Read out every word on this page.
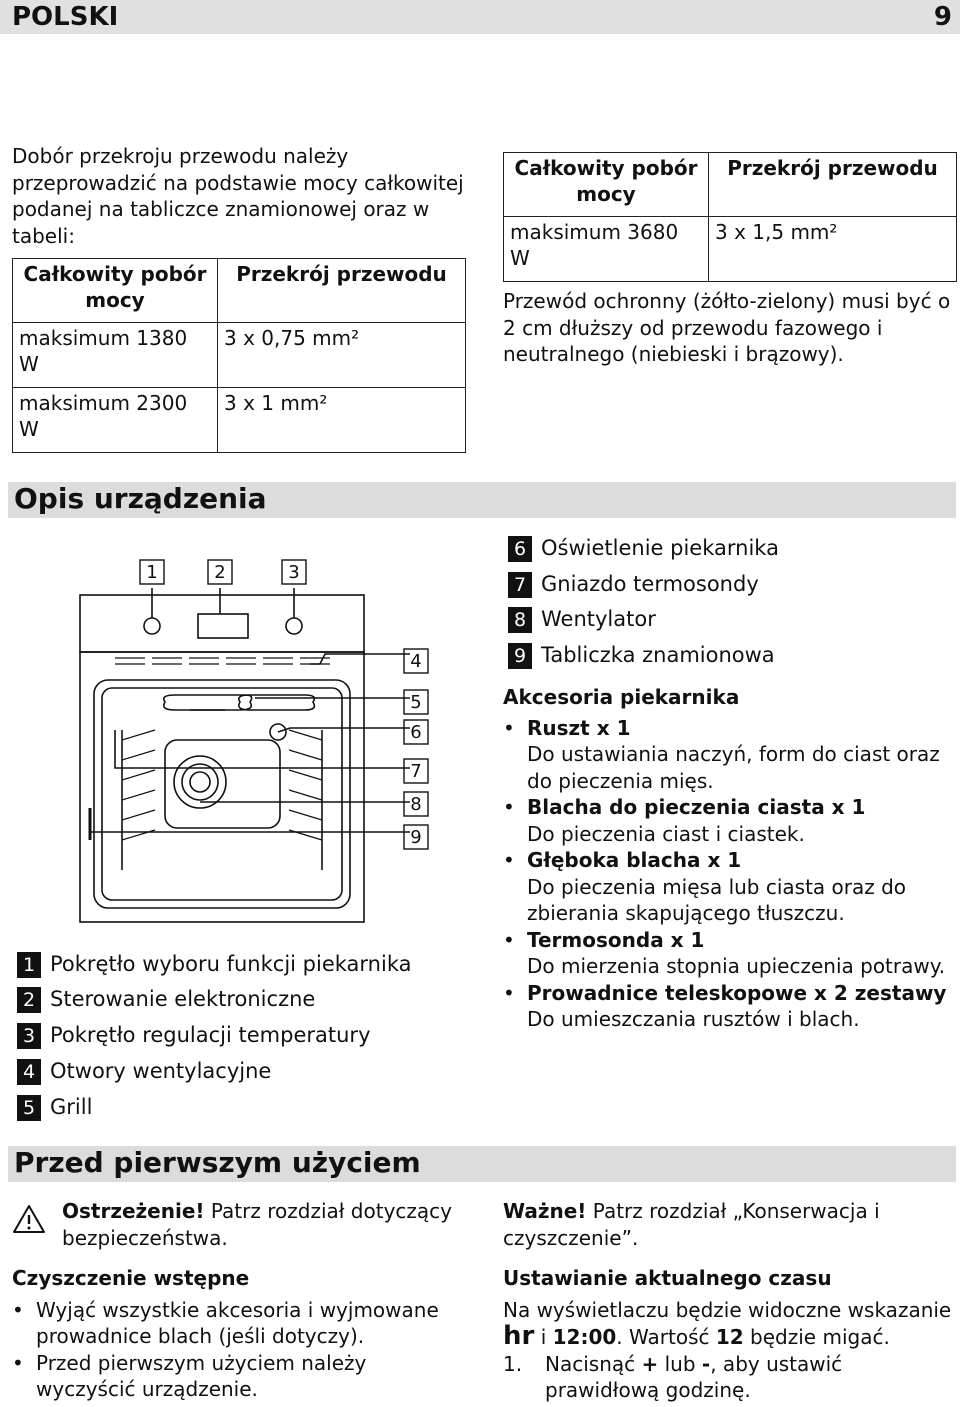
POLSKI	9
Dobór przekroju przewodu należy przeprowadzić na podstawie mocy całkowitej podanej na tabliczce znamionowej oraz w tabeli:
Całkowity pobór mocy	Przekrój przewodu
maksimum 1380 W	3 x 0,75 mm²
maksimum 2300 W	3 x 1 mm²
Całkowity pobór mocy	Przekrój przewodu
maksimum 3680 W	3 x 1,5 mm²
Przewód ochronny (żółto-zielony) musi być o 2 cm dłuższy od przewodu fazowego i neutralnego (niebieski i brązowy).
Opis urządzenia
1	2	3
4
5
6
7
8
9
1 Pokrętło wyboru funkcji piekarnika
2 Sterowanie elektroniczne
3 Pokrętło regulacji temperatury
4 Otwory wentylacyjne
5 Grill
6 Oświetlenie piekarnika
7 Gniazdo termosondy
8 Wentylator
9 Tabliczka znamionowa
Akcesoria piekarnika
• Ruszt x 1
Do ustawiania naczyń, form do ciast oraz do pieczenia mięs.
• Blacha do pieczenia ciasta x 1
Do pieczenia ciast i ciastek.
• Głęboka blacha x 1
Do pieczenia mięsa lub ciasta oraz do zbierania skapującego tłuszczu.
• Termosonda x 1
Do mierzenia stopnia upieczenia potrawy.
• Prowadnice teleskopowe x 2 zestawy
Do umieszczania rusztów i blach.
Przed pierwszym użyciem
Ostrzeżenie! Patrz rozdział dotyczący bezpieczeństwa.
Czyszczenie wstępne
• Wyjąć wszystkie akcesoria i wyjmowane prowadnice blach (jeśli dotyczy).
• Przed pierwszym użyciem należy wyczyścić urządzenie.
Ważne! Patrz rozdział „Konserwacja i czyszczenie”.
Ustawianie aktualnego czasu
Na wyświetlaczu będzie widoczne wskazanie hr i 12:00. Wartość 12 będzie migać.
1. Nacisnąć + lub -, aby ustawić prawidłową godzinę.
